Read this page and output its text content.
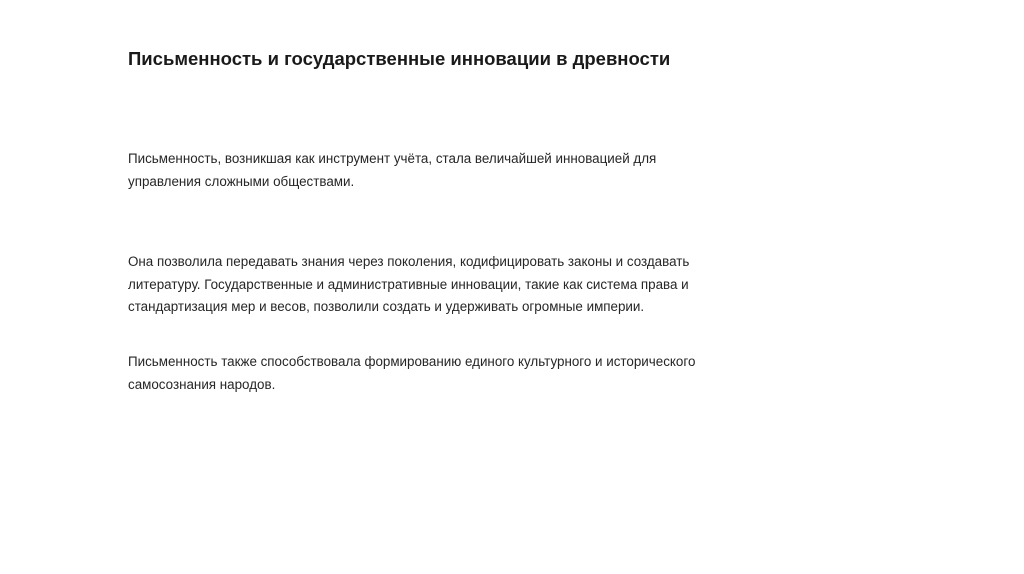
Письменность и государственные инновации в древности

Письменность, возникшая как инструмент учёта, стала величайшей инновацией для управления сложными обществами.

Она позволила передавать знания через поколения, кодифицировать законы и создавать литературу. Государственные и административные инновации, такие как система права и стандартизация мер и весов, позволили создать и удерживать огромные империи.

Письменность также способствовала формированию единого культурного и исторического самосознания народов.
